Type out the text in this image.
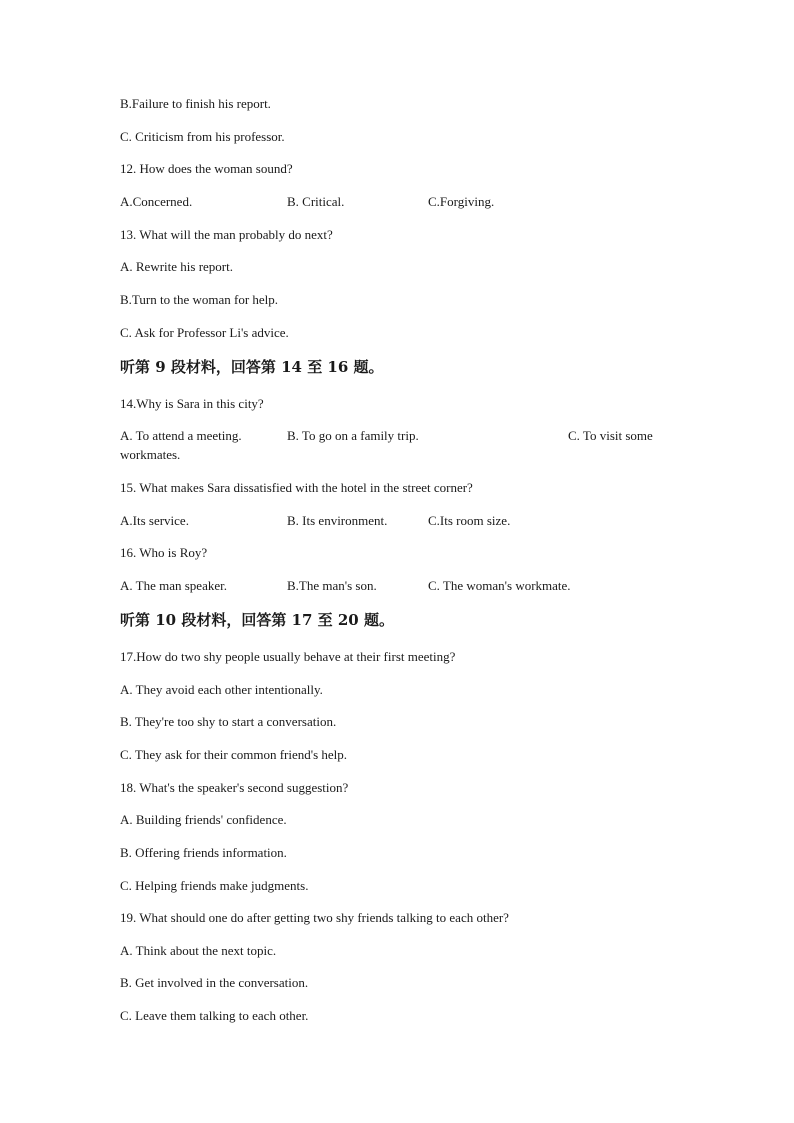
B.Failure to finish his report.
C. Criticism from his professor.
12. How does the woman sound?
A.Concerned.	B. Critical.	C.Forgiving.
13. What will the man probably do next?
A. Rewrite his report.
B.Turn to the woman for help.
C. Ask for Professor Li's advice.
听第 9 段材料，回答第 14 至 16 题。
14.Why is Sara in this city?
A. To attend a meeting.	B. To go on a family trip.	C. To visit some
workmates.
15. What makes Sara dissatisfied with the hotel in the street corner?
A.Its service.	B. Its environment.	C.Its room size.
16. Who is Roy?
A. The man speaker.	B.The man's son.	C. The woman's workmate.
听第 10 段材料，回答第 17 至 20 题。
17.How do two shy people usually behave at their first meeting?
A. They avoid each other intentionally.
B. They're too shy to start a conversation.
C. They ask for their common friend's help.
18. What's the speaker's second suggestion?
A. Building friends' confidence.
B. Offering friends information.
C. Helping friends make judgments.
19. What should one do after getting two shy friends talking to each other?
A. Think about the next topic.
B. Get involved in the conversation.
C. Leave them talking to each other.
